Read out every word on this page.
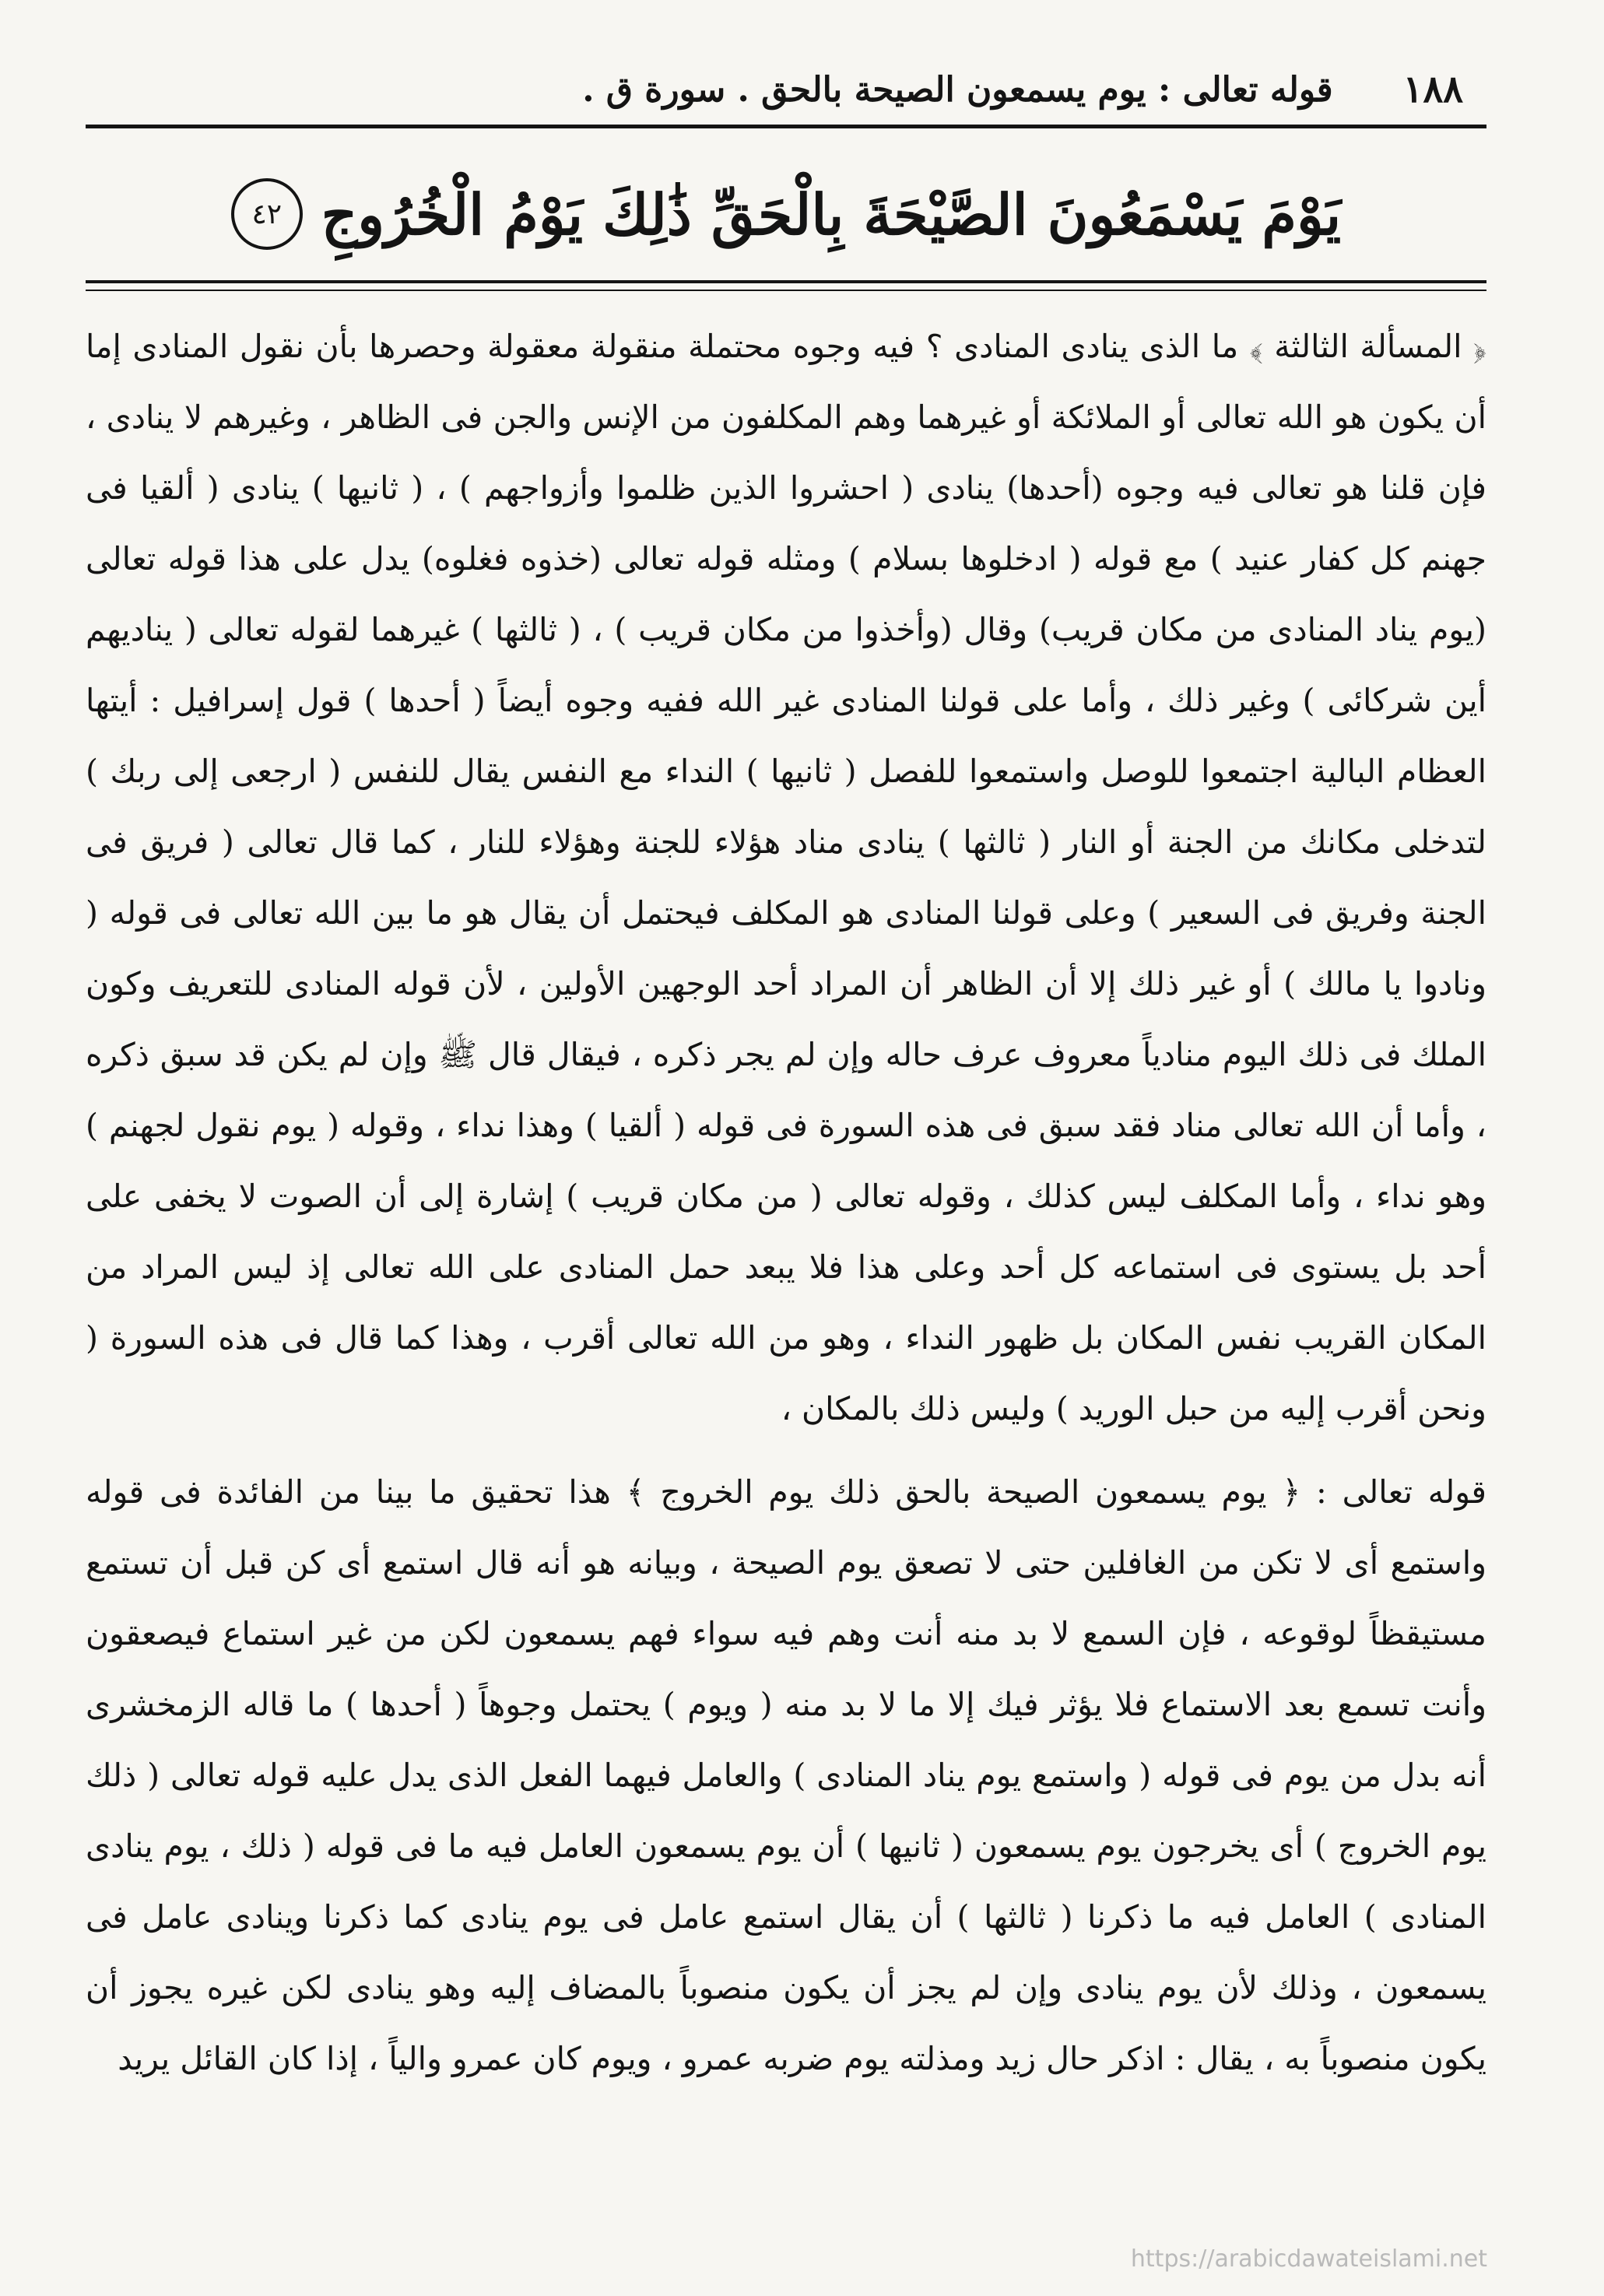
١٨٨
قوله تعالى : يوم يسمعون الصيحة بالحق . سورة ق .
يَوْمَ يَسْمَعُونَ الصَّيْحَةَ بِالْحَقِّ ذَٰلِكَ يَوْمُ الْخُرُوجِ
٤٢

﴿ المسألة الثالثة ﴾ ما الذى ينادى المنادى ؟ فيه وجوه محتملة منقولة معقولة وحصرها بأن نقول المنادى إما أن يكون هو الله تعالى أو الملائكة أو غيرهما وهم المكلفون من الإنس والجن فى الظاهر ، وغيرهم لا ينادى ، فإن قلنا هو تعالى فيه وجوه (أحدها) ينادى ( احشروا الذين ظلموا وأزواجهم ) ، ( ثانيها ) ينادى ( ألقيا فى جهنم كل كفار عنيد ) مع قوله ( ادخلوها بسلام ) ومثله قوله تعالى (خذوه فغلوه) يدل على هذا قوله تعالى (يوم يناد المنادى من مكان قريب) وقال (وأخذوا من مكان قريب ) ، ( ثالثها ) غيرهما لقوله تعالى ( يناديهم أين شركائى ) وغير ذلك ، وأما على قولنا المنادى غير الله ففيه وجوه أيضاً ( أحدها ) قول إسرافيل : أيتها العظام البالية اجتمعوا للوصل واستمعوا للفصل ( ثانيها ) النداء مع النفس يقال للنفس ( ارجعى إلى ربك ) لتدخلى مكانك من الجنة أو النار ( ثالثها ) ينادى مناد هؤلاء للجنة وهؤلاء للنار ، كما قال تعالى ( فريق فى الجنة وفريق فى السعير ) وعلى قولنا المنادى هو المكلف فيحتمل أن يقال هو ما بين الله تعالى فى قوله ( ونادوا يا مالك ) أو غير ذلك إلا أن الظاهر أن المراد أحد الوجهين الأولين ، لأن قوله المنادى للتعريف وكون الملك فى ذلك اليوم منادياً معروف عرف حاله وإن لم يجر ذكره ، فيقال قال ﷺ وإن لم يكن قد سبق ذكره ، وأما أن الله تعالى مناد فقد سبق فى هذه السورة فى قوله ( ألقيا ) وهذا نداء ، وقوله ( يوم نقول لجهنم ) وهو نداء ، وأما المكلف ليس كذلك ، وقوله تعالى ( من مكان قريب ) إشارة إلى أن الصوت لا يخفى على أحد بل يستوى فى استماعه كل أحد وعلى هذا فلا يبعد حمل المنادى على الله تعالى إذ ليس المراد من المكان القريب نفس المكان بل ظهور النداء ، وهو من الله تعالى أقرب ، وهذا كما قال فى هذه السورة ( ونحن أقرب إليه من حبل الوريد ) وليس ذلك بالمكان ،

قوله تعالى : ﴿ يوم يسمعون الصيحة بالحق ذلك يوم الخروج ﴾ هذا تحقيق ما بينا من الفائدة فى قوله واستمع أى لا تكن من الغافلين حتى لا تصعق يوم الصيحة ، وبيانه هو أنه قال استمع أى كن قبل أن تستمع مستيقظاً لوقوعه ، فإن السمع لا بد منه أنت وهم فيه سواء فهم يسمعون لكن من غير استماع فيصعقون وأنت تسمع بعد الاستماع فلا يؤثر فيك إلا ما لا بد منه ( ويوم ) يحتمل وجوهاً ( أحدها ) ما قاله الزمخشرى أنه بدل من يوم فى قوله ( واستمع يوم يناد المنادى ) والعامل فيهما الفعل الذى يدل عليه قوله تعالى ( ذلك يوم الخروج ) أى يخرجون يوم يسمعون ( ثانيها ) أن يوم يسمعون العامل فيه ما فى قوله ( ذلك ، يوم ينادى المنادى ) العامل فيه ما ذكرنا ( ثالثها ) أن يقال استمع عامل فى يوم ينادى كما ذكرنا وينادى عامل فى يسمعون ، وذلك لأن يوم ينادى وإن لم يجز أن يكون منصوباً بالمضاف إليه وهو ينادى لكن غيره يجوز أن يكون منصوباً به ، يقال : اذكر حال زيد ومذلته يوم ضربه عمرو ، ويوم كان عمرو والياً ، إذا كان القائل يريد

https://arabicdawateislami.net
